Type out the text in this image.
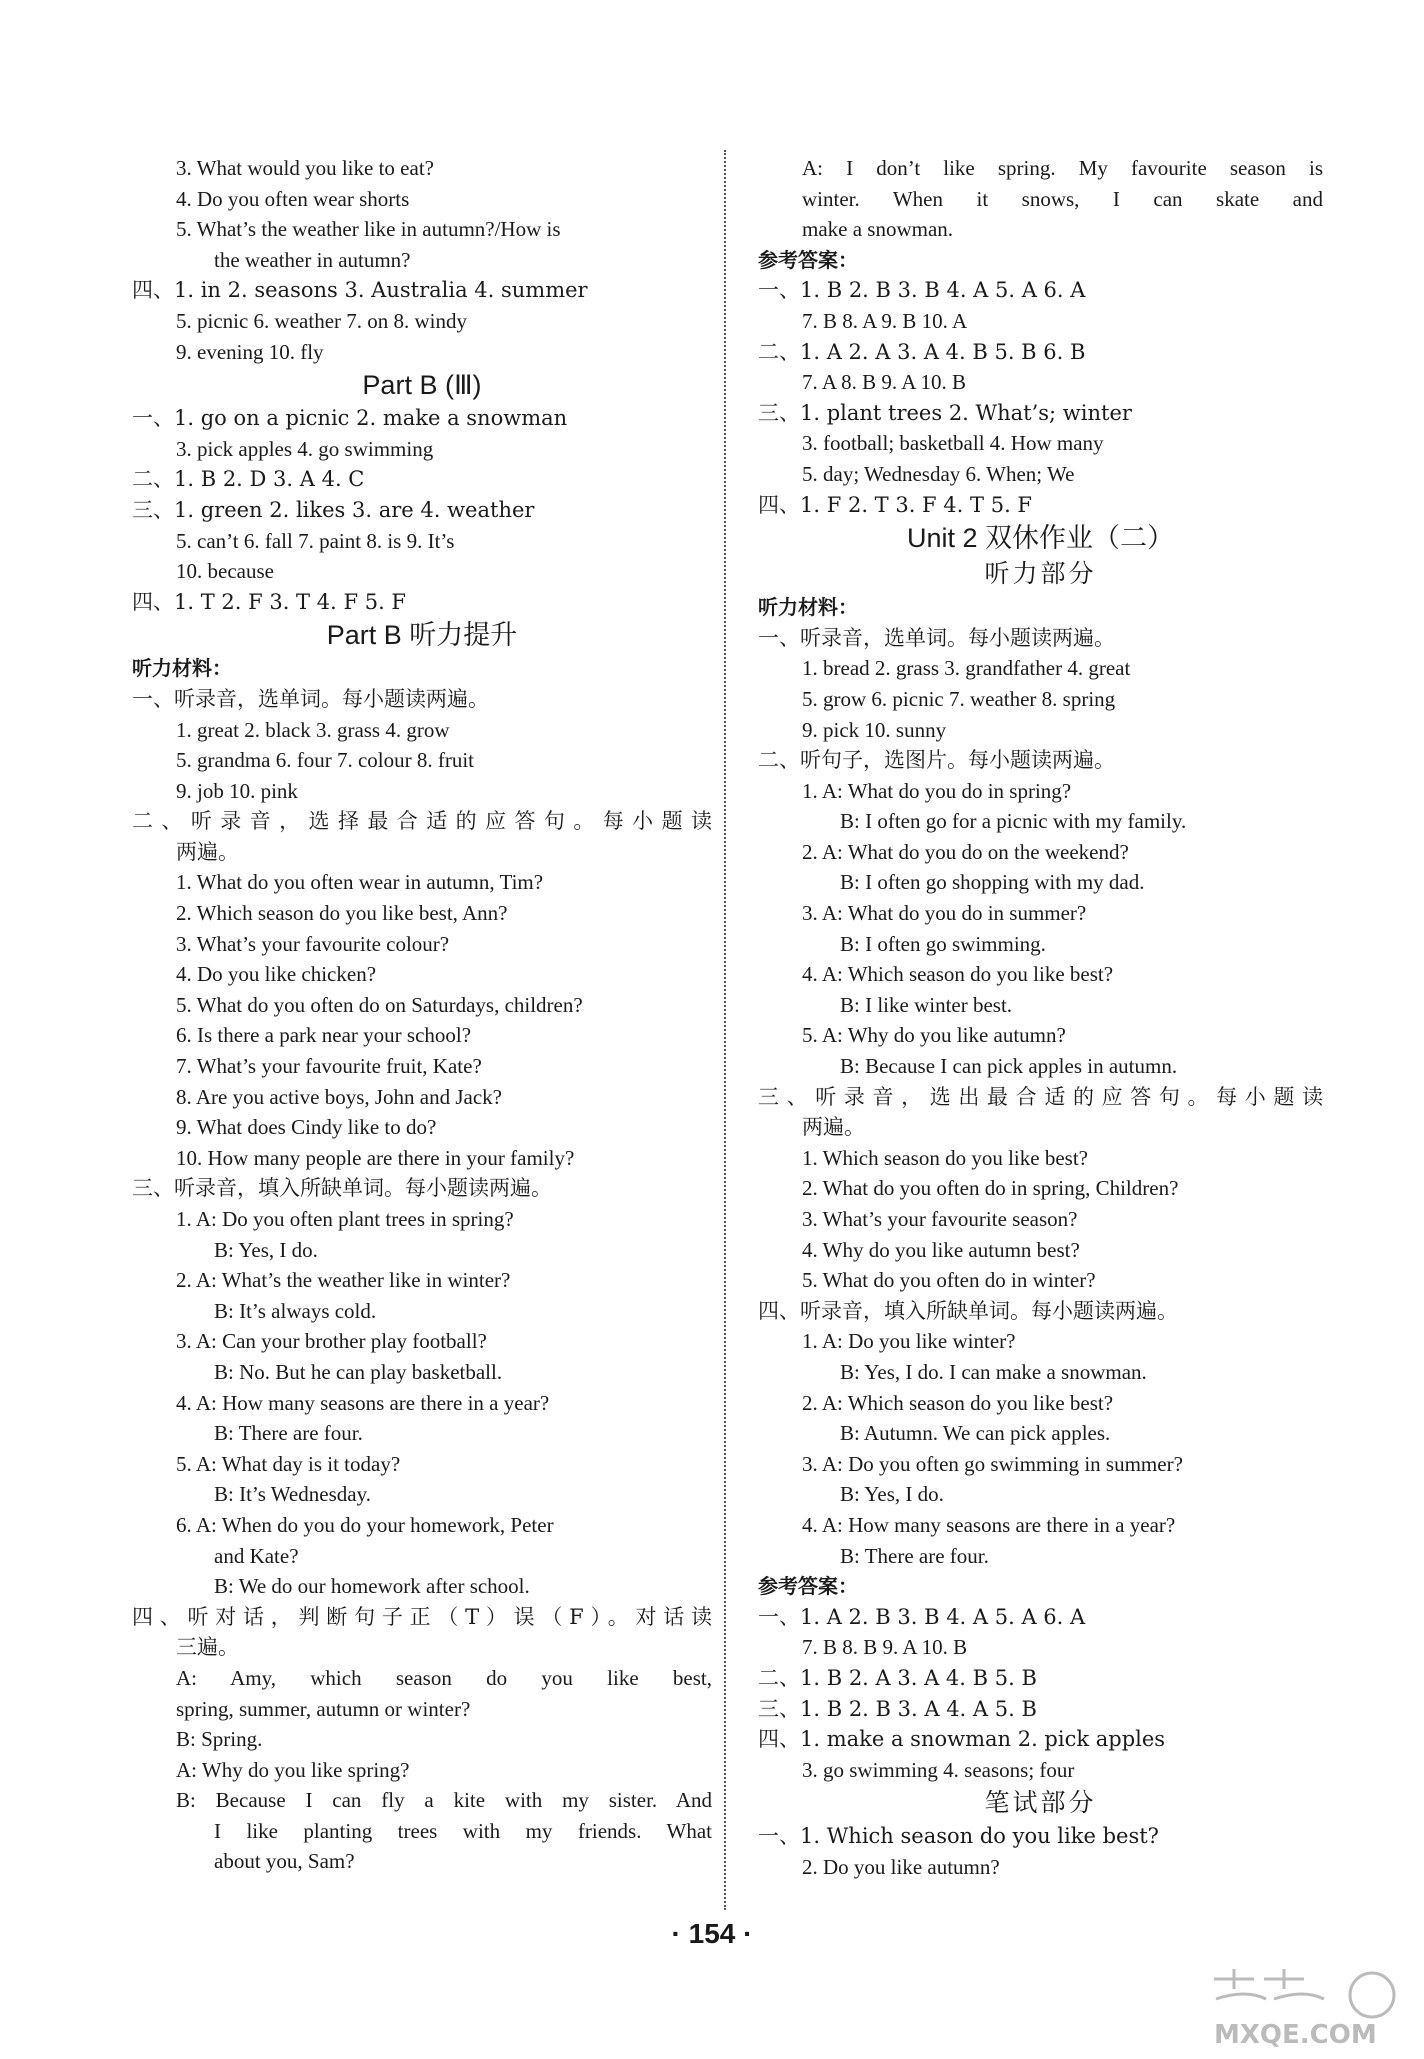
3. What would you like to eat?
4. Do you often wear shorts
5. What’s the weather like in autumn?/How is
the weather in autumn?
四、1. in 2. seasons 3. Australia 4. summer
5. picnic 6. weather 7. on 8. windy
9. evening 10. fly
Part B (Ⅲ)
一、1. go on a picnic 2. make a snowman
3. pick apples 4. go swimming
二、1. B 2. D 3. A 4. C
三、1. green 2. likes 3. are 4. weather
5. can’t 6. fall 7. paint 8. is 9. It’s
10. because
四、1. T 2. F 3. T 4. F 5. F
Part B 听力提升
听力材料：
一、听录音，选单词。每小题读两遍。
1. great 2. black 3. grass 4. grow
5. grandma 6. four 7. colour 8. fruit
9. job 10. pink
二、听录音，选择最合适的应答句。每小题读
两遍。
1. What do you often wear in autumn, Tim?
2. Which season do you like best, Ann?
3. What’s your favourite colour?
4. Do you like chicken?
5. What do you often do on Saturdays, children?
6. Is there a park near your school?
7. What’s your favourite fruit, Kate?
8. Are you active boys, John and Jack?
9. What does Cindy like to do?
10. How many people are there in your family?
三、听录音，填入所缺单词。每小题读两遍。
1. A: Do you often plant trees in spring?
B: Yes, I do.
2. A: What’s the weather like in winter?
B: It’s always cold.
3. A: Can your brother play football?
B: No. But he can play basketball.
4. A: How many seasons are there in a year?
B: There are four.
5. A: What day is it today?
B: It’s Wednesday.
6. A: When do you do your homework, Peter
and Kate?
B: We do our homework after school.
四、听对话，判断句子正（T）误（F）。对话读
三遍。
A: Amy, which season do you like best,
spring, summer, autumn or winter?
B: Spring.
A: Why do you like spring?
B: Because I can fly a kite with my sister. And
I like planting trees with my friends. What
about you, Sam?
A: I don’t like spring. My favourite season is
winter. When it snows, I can skate and
make a snowman.
参考答案：
一、1. B 2. B 3. B 4. A 5. A 6. A
7. B 8. A 9. B 10. A
二、1. A 2. A 3. A 4. B 5. B 6. B
7. A 8. B 9. A 10. B
三、1. plant trees 2. What’s; winter
3. football; basketball 4. How many
5. day; Wednesday 6. When; We
四、1. F 2. T 3. F 4. T 5. F
Unit 2 双休作业（二）
听力部分
听力材料：
一、听录音，选单词。每小题读两遍。
1. bread 2. grass 3. grandfather 4. great
5. grow 6. picnic 7. weather 8. spring
9. pick 10. sunny
二、听句子，选图片。每小题读两遍。
1. A: What do you do in spring?
B: I often go for a picnic with my family.
2. A: What do you do on the weekend?
B: I often go shopping with my dad.
3. A: What do you do in summer?
B: I often go swimming.
4. A: Which season do you like best?
B: I like winter best.
5. A: Why do you like autumn?
B: Because I can pick apples in autumn.
三、听录音，选出最合适的应答句。每小题读
两遍。
1. Which season do you like best?
2. What do you often do in spring, Children?
3. What’s your favourite season?
4. Why do you like autumn best?
5. What do you often do in winter?
四、听录音，填入所缺单词。每小题读两遍。
1. A: Do you like winter?
B: Yes, I do. I can make a snowman.
2. A: Which season do you like best?
B: Autumn. We can pick apples.
3. A: Do you often go swimming in summer?
B: Yes, I do.
4. A: How many seasons are there in a year?
B: There are four.
参考答案：
一、1. A 2. B 3. B 4. A 5. A 6. A
7. B 8. B 9. A 10. B
二、1. B 2. A 3. A 4. B 5. B
三、1. B 2. B 3. A 4. A 5. B
四、1. make a snowman 2. pick apples
3. go swimming 4. seasons; four
笔试部分
一、1. Which season do you like best?
2. Do you like autumn?
· 154 ·
MXQE.COM
